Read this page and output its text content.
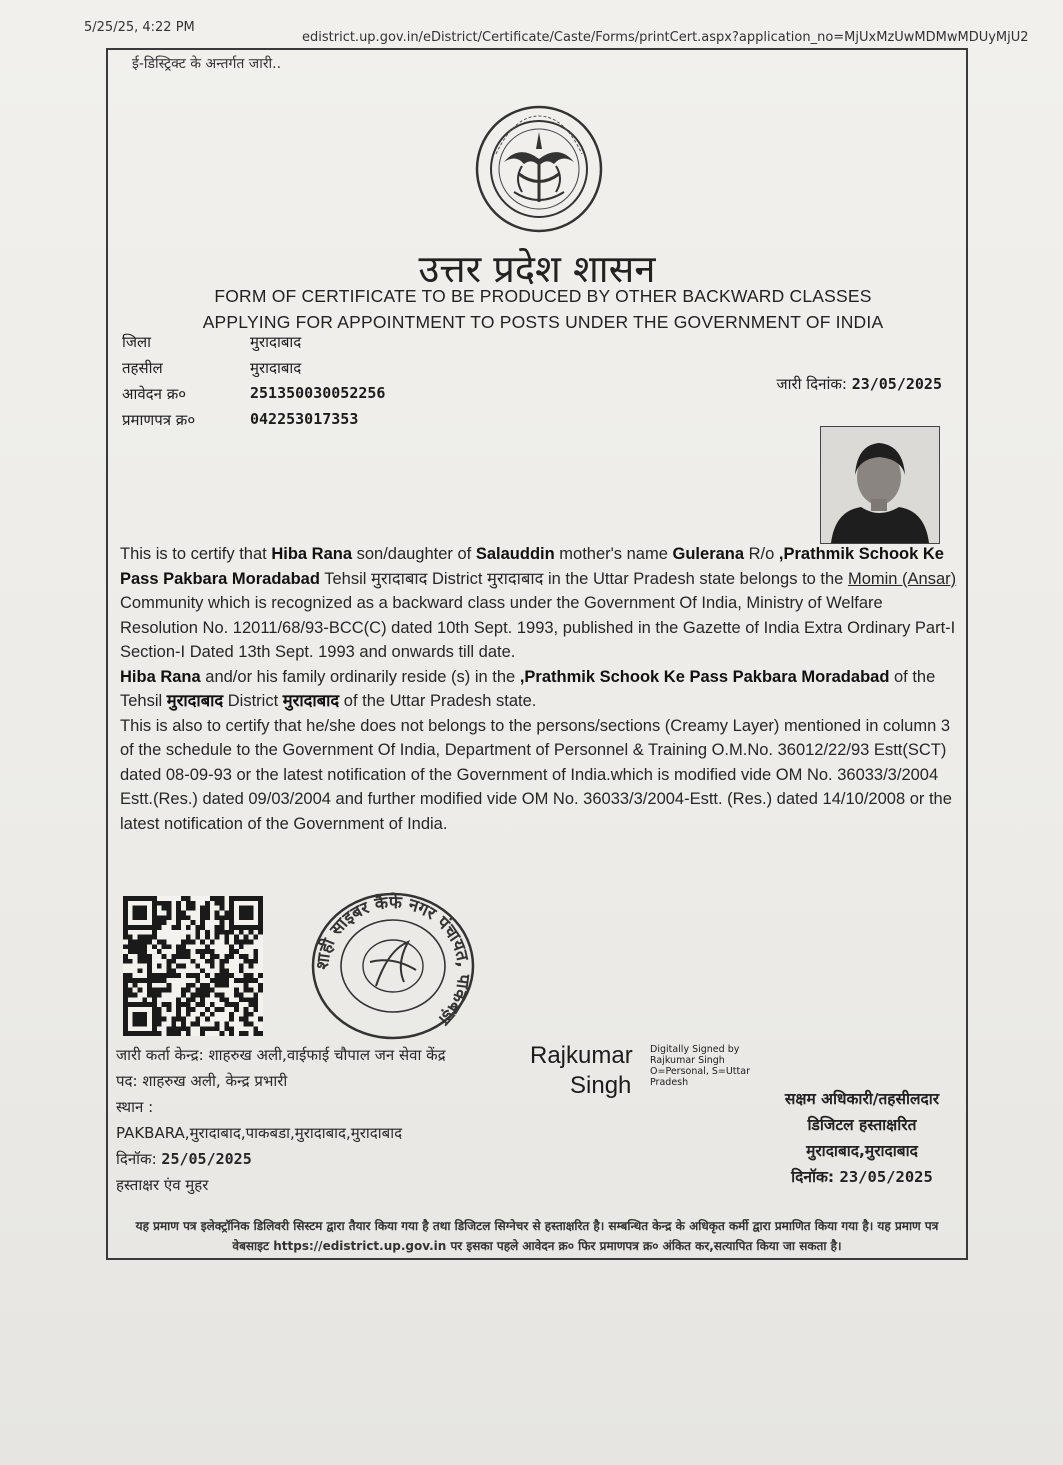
5/25/25, 4:22 PM
edistrict.up.gov.in/eDistrict/Certificate/Caste/Forms/printCert.aspx?application_no=MjUxMzUwMDMwMDUyMjU2
ई-डिस्ट्रिक्ट के अन्तर्गत जारी..
उत्तर प्रदेश शासन
FORM OF CERTIFICATE TO BE PRODUCED BY OTHER BACKWARD CLASSES
APPLYING FOR APPOINTMENT TO POSTS UNDER THE GOVERNMENT OF INDIA
जिला	मुरादाबाद
तहसील	मुरादाबाद
आवेदन क्र०	251350030052256
प्रमाणपत्र क्र०	042253017353
जारी दिनांक: 23/05/2025

This is to certify that Hiba Rana son/daughter of Salauddin mother's name Gulerana R/o ,Prathmik Schook Ke Pass Pakbara Moradabad Tehsil मुरादाबाद District मुरादाबाद in the Uttar Pradesh state belongs to the Momin (Ansar) Community which is recognized as a backward class under the Government Of India, Ministry of Welfare Resolution No. 12011/68/93-BCC(C) dated 10th Sept. 1993, published in the Gazette of India Extra Ordinary Part-I Section-I Dated 13th Sept. 1993 and onwards till date.

Hiba Rana and/or his family ordinarily reside (s) in the ,Prathmik Schook Ke Pass Pakbara Moradabad of the Tehsil मुरादाबाद District मुरादाबाद of the Uttar Pradesh state.

This is also to certify that he/she does not belongs to the persons/sections (Creamy Layer) mentioned in column 3 of the schedule to the Government Of India, Department of Personnel & Training O.M.No. 36012/22/93 Estt(SCT) dated 08-09-93 or the latest notification of the Government of India.which is modified vide OM No. 36033/3/2004 Estt.(Res.) dated 09/03/2004 and further modified vide OM No. 36033/3/2004-Estt. (Res.) dated 14/10/2008 or the latest notification of the Government of India.

शाही साइबर कैफे नगर पंचायत, पाकबड़ा
जारी कर्ता केन्द्र: शाहरुख अली,वाईफाई चौपाल जन सेवा केंद्र
पद: शाहरुख अली, केन्द्र प्रभारी
स्थान :
PAKBARA,मुरादाबाद,पाकबडा,मुरादाबाद,मुरादाबाद
दिनॉक: 25/05/2025
हस्ताक्षर एंव मुहर
Rajkumar
Singh
Digitally Signed by
Rajkumar Singh
O=Personal, S=Uttar
Pradesh
सक्षम अधिकारी/तहसीलदार
डिजिटल हस्ताक्षरित
मुरादाबाद,मुरादाबाद
दिनॉक: 23/05/2025
यह प्रमाण पत्र इलेक्ट्रॉनिक डिलिवरी सिस्टम द्वारा तैयार किया गया है तथा डिजिटल सिग्नेचर से हस्ताक्षरित है। सम्बन्धित केन्द्र के अधिकृत कर्मी द्वारा प्रमाणित किया गया है। यह प्रमाण पत्र वेबसाइट https://edistrict.up.gov.in पर इसका पहले आवेदन क्र० फिर प्रमाणपत्र क्र० अंकित कर,सत्यापित किया जा सकता है।
